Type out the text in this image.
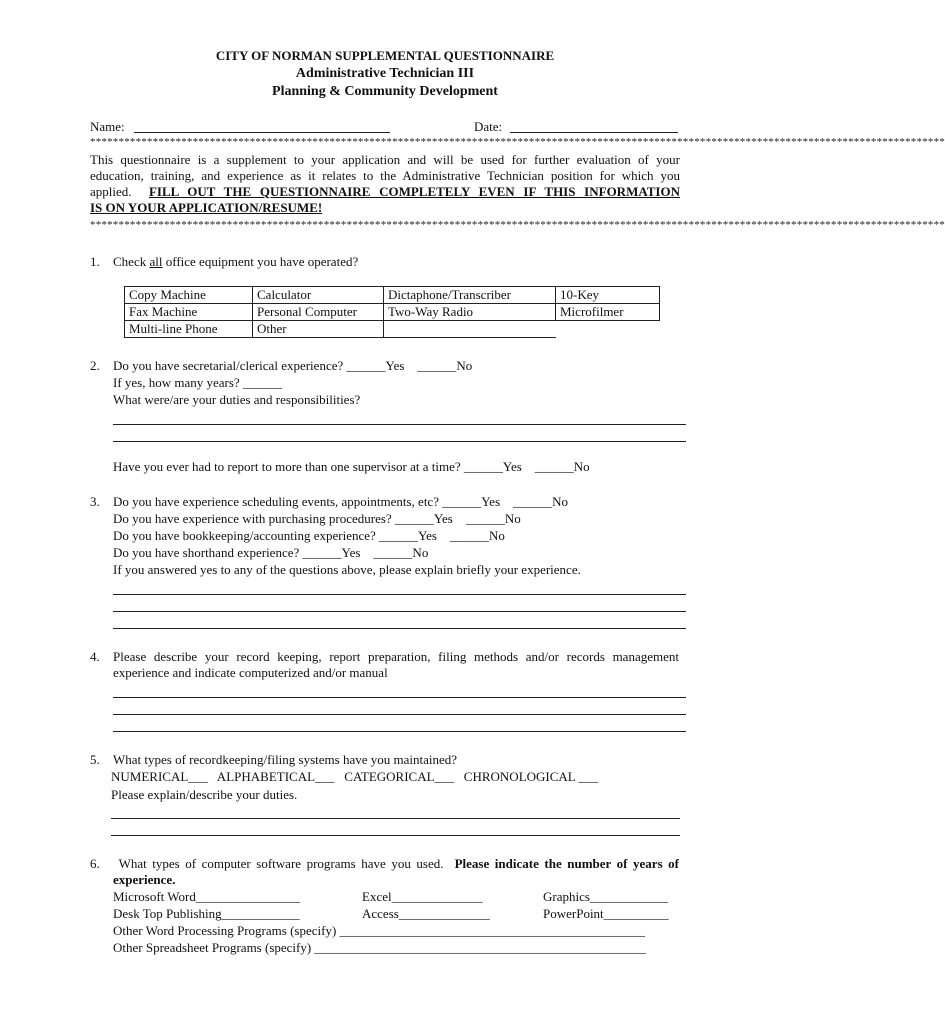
CITY OF NORMAN SUPPLEMENTAL QUESTIONNAIRE
Administrative Technician III
Planning & Community Development
Name:	Date:
******************************************************************************************************************************************************
This questionnaire is a supplement to your application and will be used for further evaluation of your
education, training, and experience as it relates to the Administrative Technician position for which you
applied. FILL OUT THE QUESTIONNAIRE COMPLETELY EVEN IF THIS INFORMATION
IS ON YOUR APPLICATION/RESUME!
******************************************************************************************************************************************************
1. Check all office equipment you have operated?
Copy Machine	Calculator	Dictaphone/Transcriber	10-Key
Fax Machine	Personal Computer	Two-Way Radio	Microfilmer
Multi-line Phone	Other		
2. Do you have secretarial/clerical experience? ______Yes    ______No
If yes, how many years? ______
What were/are your duties and responsibilities?
Have you ever had to report to more than one supervisor at a time? ______Yes    ______No
3. Do you have experience scheduling events, appointments, etc? ______Yes    ______No
Do you have experience with purchasing procedures? ______Yes    ______No
Do you have bookkeeping/accounting experience? ______Yes    ______No
Do you have shorthand experience? ______Yes    ______No
If you answered yes to any of the questions above, please explain briefly your experience.
4. Please describe your record keeping, report preparation, filing methods and/or records management
experience and indicate computerized and/or manual
5. What types of recordkeeping/filing systems have you maintained?
NUMERICAL___   ALPHABETICAL___   CATEGORICAL___   CHRONOLOGICAL ___
Please explain/describe your duties.
6.	What types of computer software programs have you used. Please indicate the number of years of
experience.
Microsoft Word________________	Excel______________	Graphics____________
Desk Top Publishing____________	Access______________	PowerPoint__________
Other Word Processing Programs (specify) _______________________________________________
Other Spreadsheet Programs (specify) ___________________________________________________
